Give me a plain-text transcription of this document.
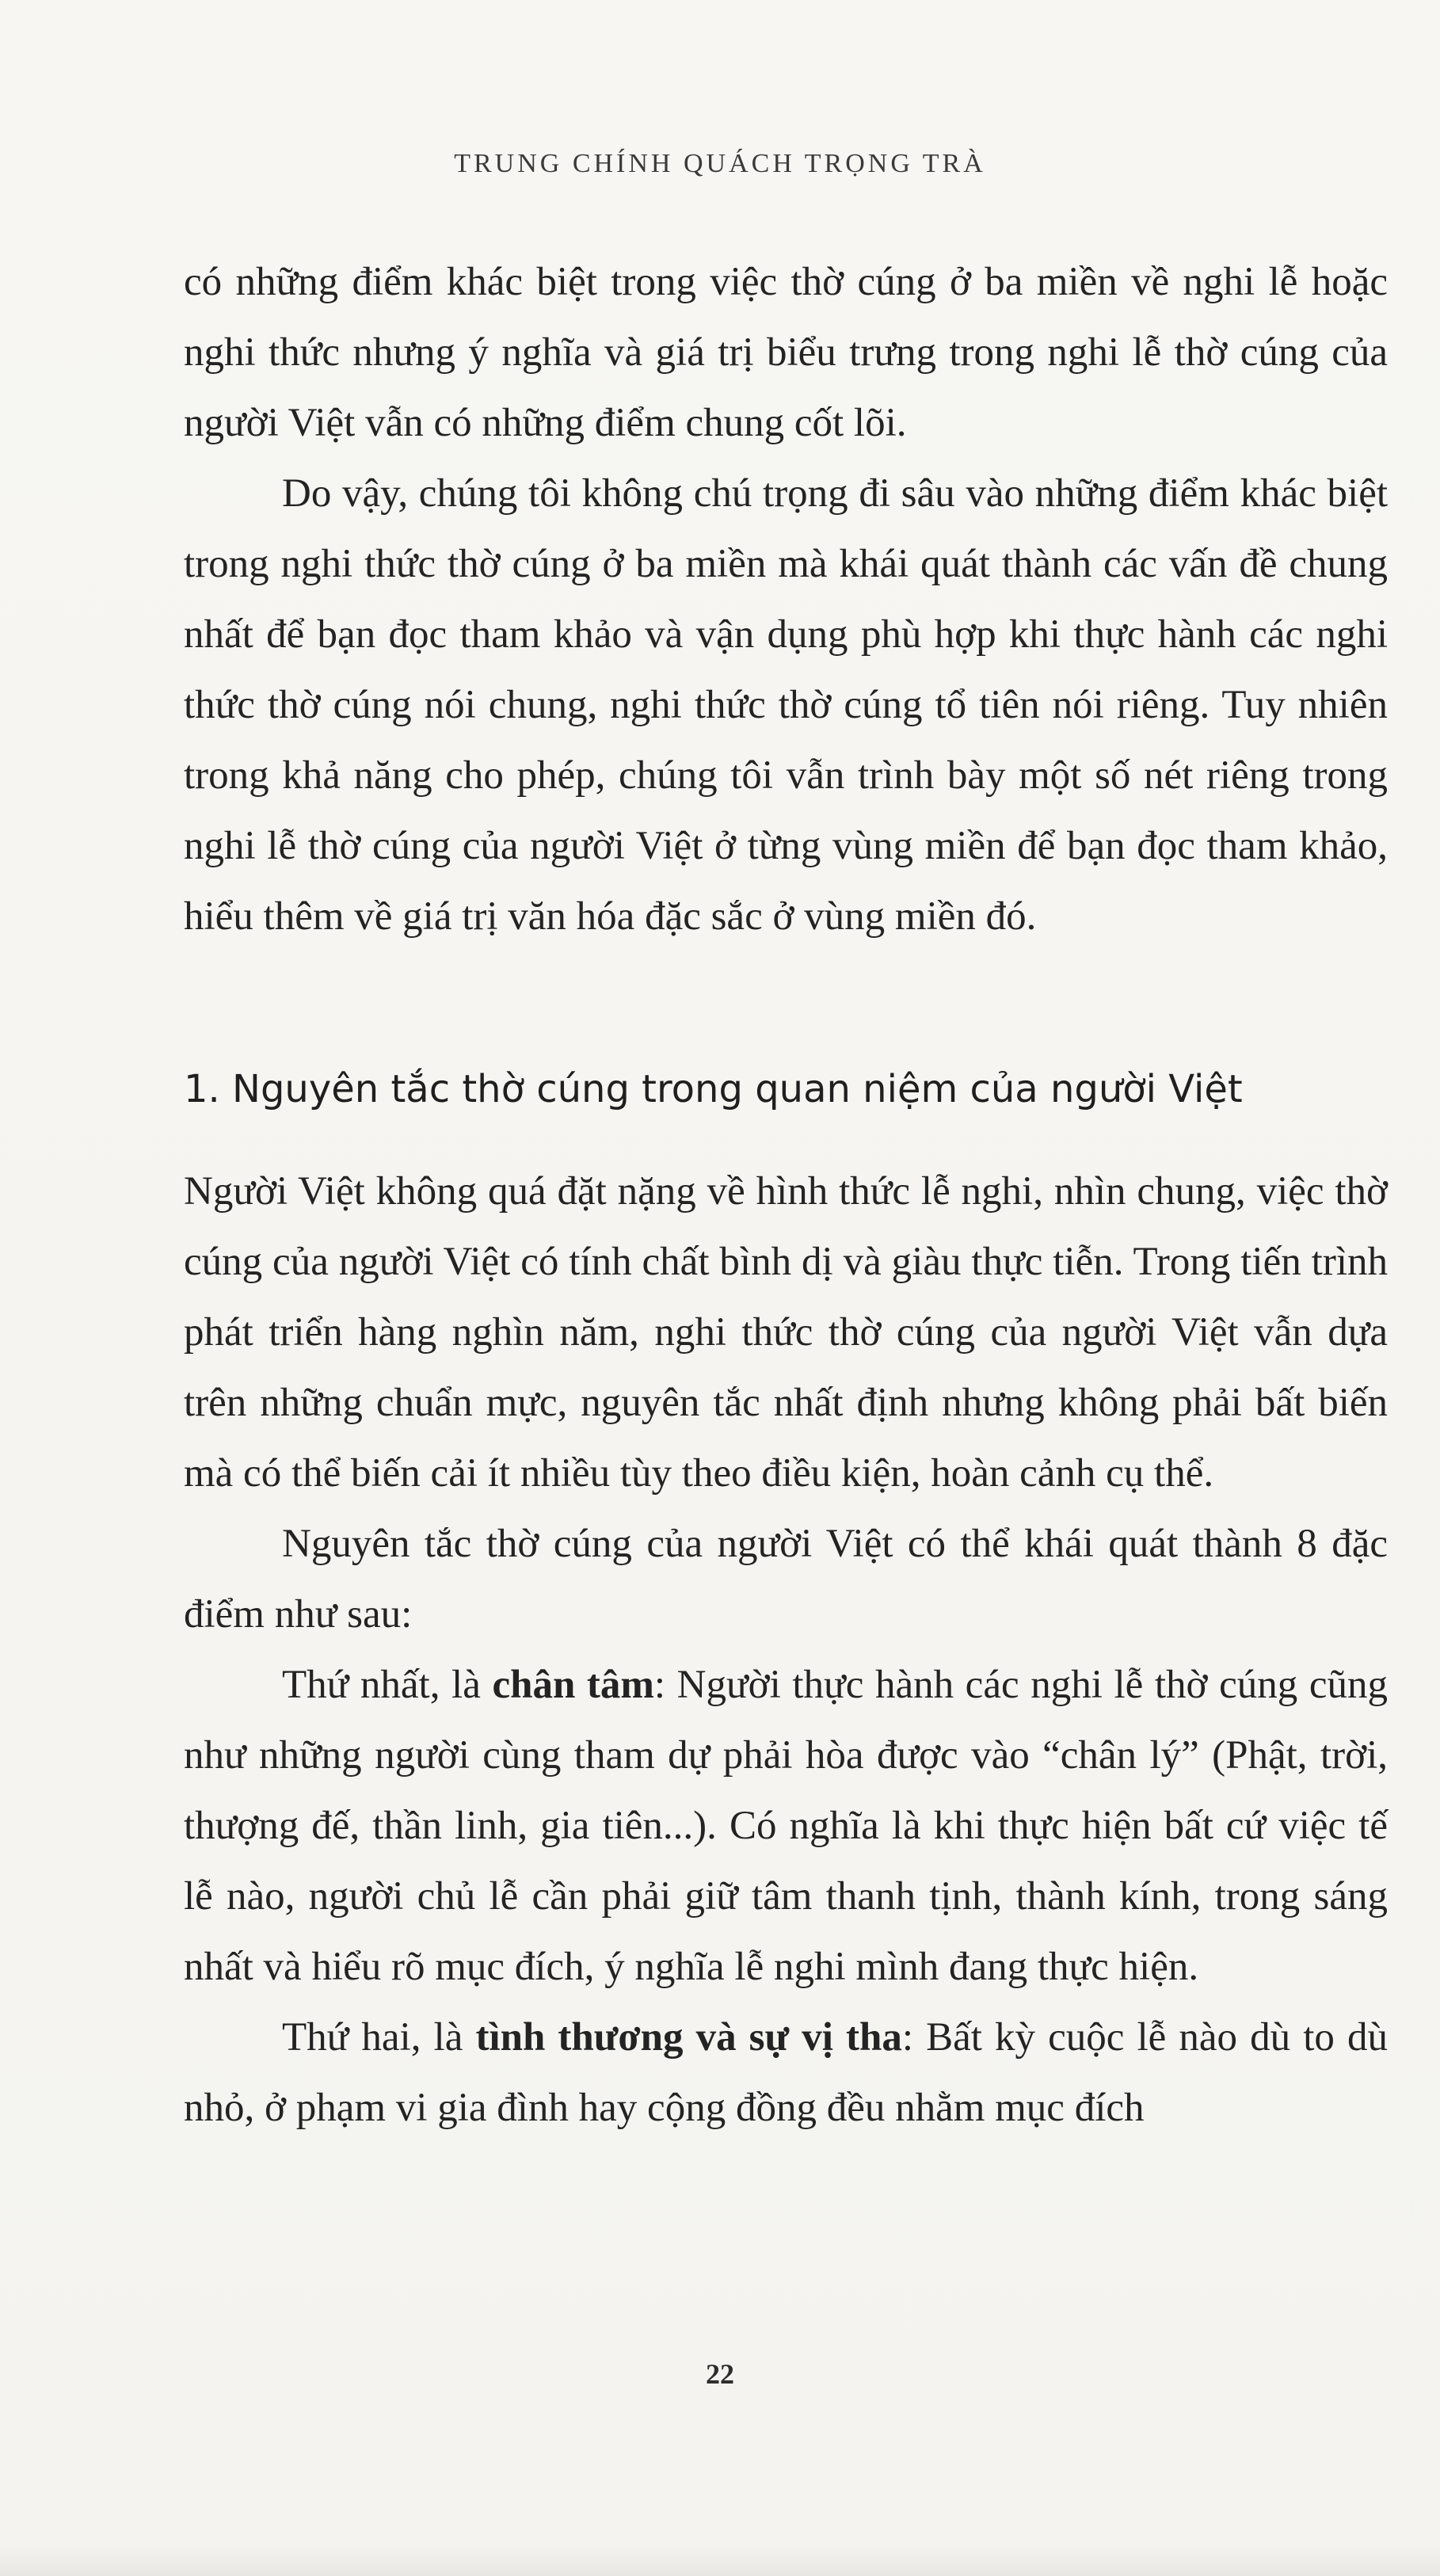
TRUNG CHÍNH QUÁCH TRỌNG TRÀ

có những điểm khác biệt trong việc thờ cúng ở ba miền về nghi lễ hoặc nghi thức nhưng ý nghĩa và giá trị biểu trưng trong nghi lễ thờ cúng của người Việt vẫn có những điểm chung cốt lõi.

Do vậy, chúng tôi không chú trọng đi sâu vào những điểm khác biệt trong nghi thức thờ cúng ở ba miền mà khái quát thành các vấn đề chung nhất để bạn đọc tham khảo và vận dụng phù hợp khi thực hành các nghi thức thờ cúng nói chung, nghi thức thờ cúng tổ tiên nói riêng. Tuy nhiên trong khả năng cho phép, chúng tôi vẫn trình bày một số nét riêng trong nghi lễ thờ cúng của người Việt ở từng vùng miền để bạn đọc tham khảo, hiểu thêm về giá trị văn hóa đặc sắc ở vùng miền đó.

1. Nguyên tắc thờ cúng trong quan niệm của người Việt

Người Việt không quá đặt nặng về hình thức lễ nghi, nhìn chung, việc thờ cúng của người Việt có tính chất bình dị và giàu thực tiễn. Trong tiến trình phát triển hàng nghìn năm, nghi thức thờ cúng của người Việt vẫn dựa trên những chuẩn mực, nguyên tắc nhất định nhưng không phải bất biến mà có thể biến cải ít nhiều tùy theo điều kiện, hoàn cảnh cụ thể.

Nguyên tắc thờ cúng của người Việt có thể khái quát thành 8 đặc điểm như sau:

Thứ nhất, là chân tâm: Người thực hành các nghi lễ thờ cúng cũng như những người cùng tham dự phải hòa được vào “chân lý” (Phật, trời, thượng đế, thần linh, gia tiên...). Có nghĩa là khi thực hiện bất cứ việc tế lễ nào, người chủ lễ cần phải giữ tâm thanh tịnh, thành kính, trong sáng nhất và hiểu rõ mục đích, ý nghĩa lễ nghi mình đang thực hiện.

Thứ hai, là tình thương và sự vị tha: Bất kỳ cuộc lễ nào dù to dù nhỏ, ở phạm vi gia đình hay cộng đồng đều nhằm mục đích

22
